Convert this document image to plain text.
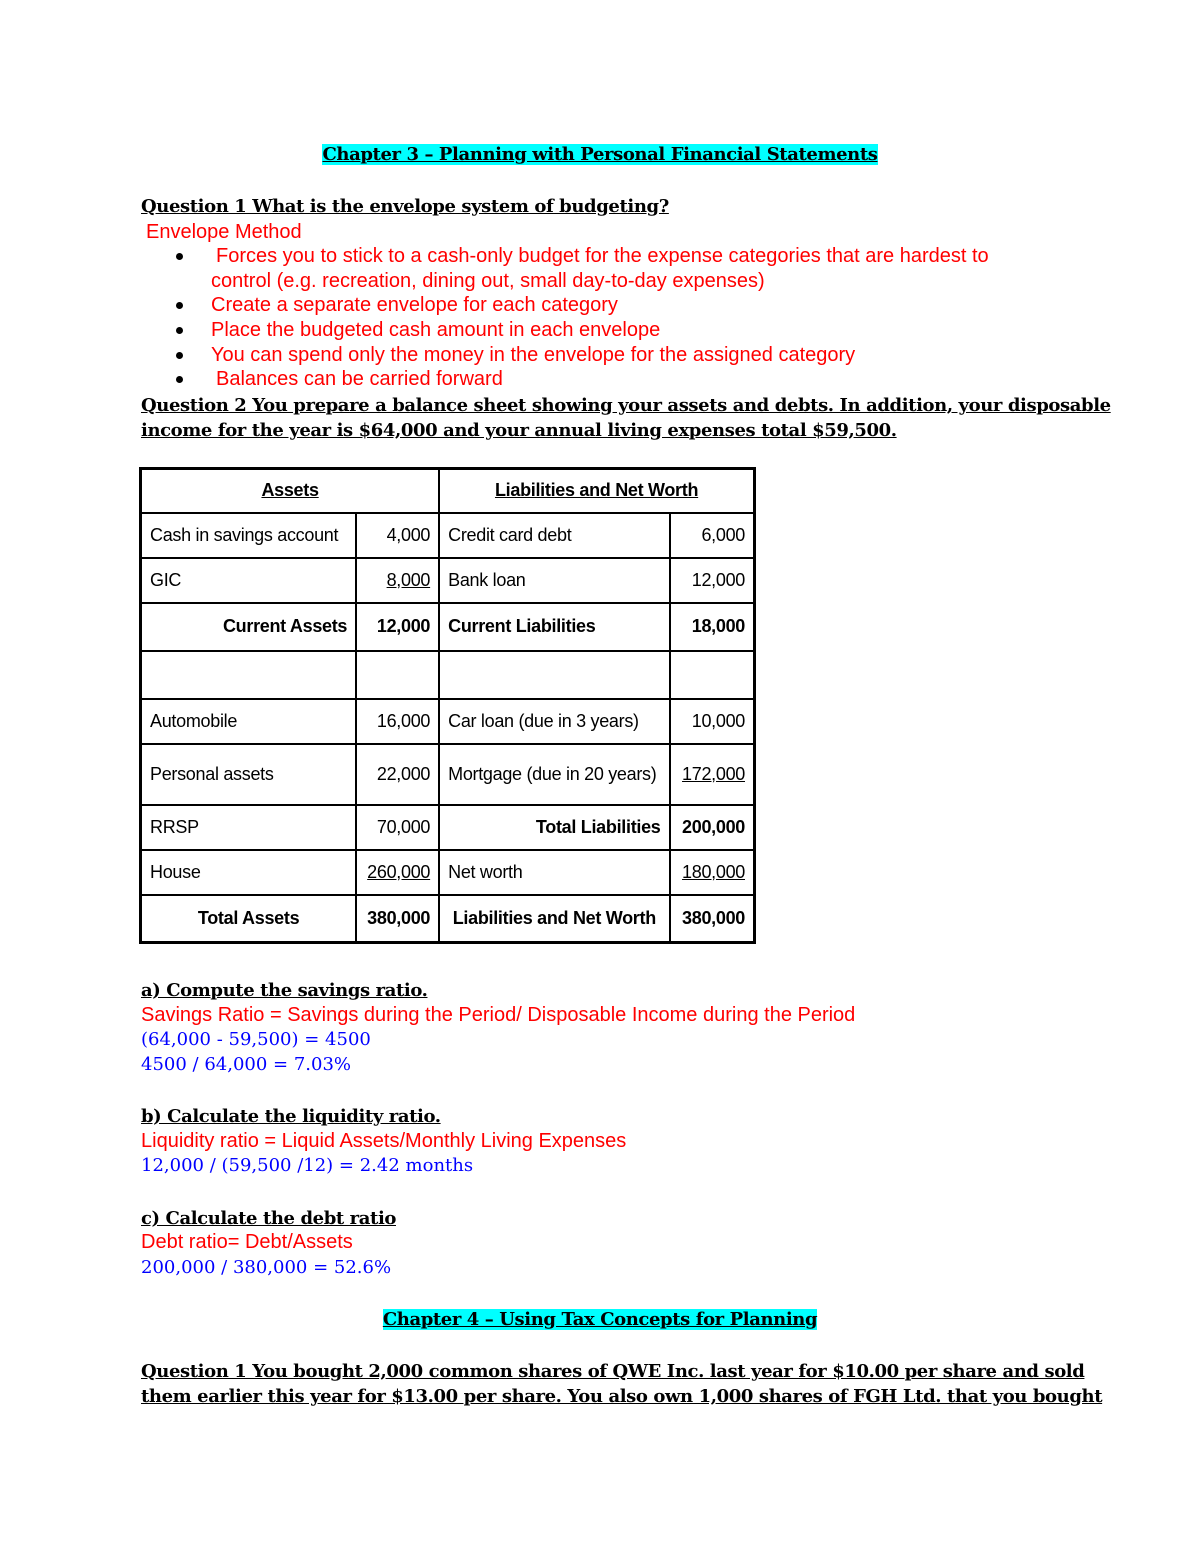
Chapter 3 – Planning with Personal Financial Statements
Question 1 What is the envelope system of budgeting?
Envelope Method
Forces you to stick to a cash-only budget for the expense categories that are hardest to
control (e.g. recreation, dining out, small day-to-day expenses)
Create a separate envelope for each category
Place the budgeted cash amount in each envelope
You can spend only the money in the envelope for the assigned category
Balances can be carried forward
Question 2 You prepare a balance sheet showing your assets and debts. In addition, your disposable
income for the year is $64,000 and your annual living expenses total $59,500.
Assets		Liabilities and Net Worth	
Cash in savings account	4,000	Credit card debt	6,000
GIC	8,000	Bank loan	12,000
Current Assets	12,000	Current Liabilities	18,000

Automobile	16,000	Car loan (due in 3 years)	10,000
Personal assets	22,000	Mortgage (due in 20 years)	172,000
RRSP	70,000	Total Liabilities	200,000
House	260,000	Net worth	180,000
Total Assets	380,000	Liabilities and Net Worth	380,000
a) Compute the savings ratio.
Savings Ratio = Savings during the Period/ Disposable Income during the Period
(64,000 - 59,500) = 4500
4500 / 64,000 = 7.03%
b) Calculate the liquidity ratio.
Liquidity ratio = Liquid Assets/Monthly Living Expenses
12,000 / (59,500 /12) = 2.42 months
c) Calculate the debt ratio
Debt ratio= Debt/Assets
200,000 / 380,000 = 52.6%
Chapter 4 – Using Tax Concepts for Planning
Question 1 You bought 2,000 common shares of QWE Inc. last year for $10.00 per share and sold
them earlier this year for $13.00 per share. You also own 1,000 shares of FGH Ltd. that you bought
